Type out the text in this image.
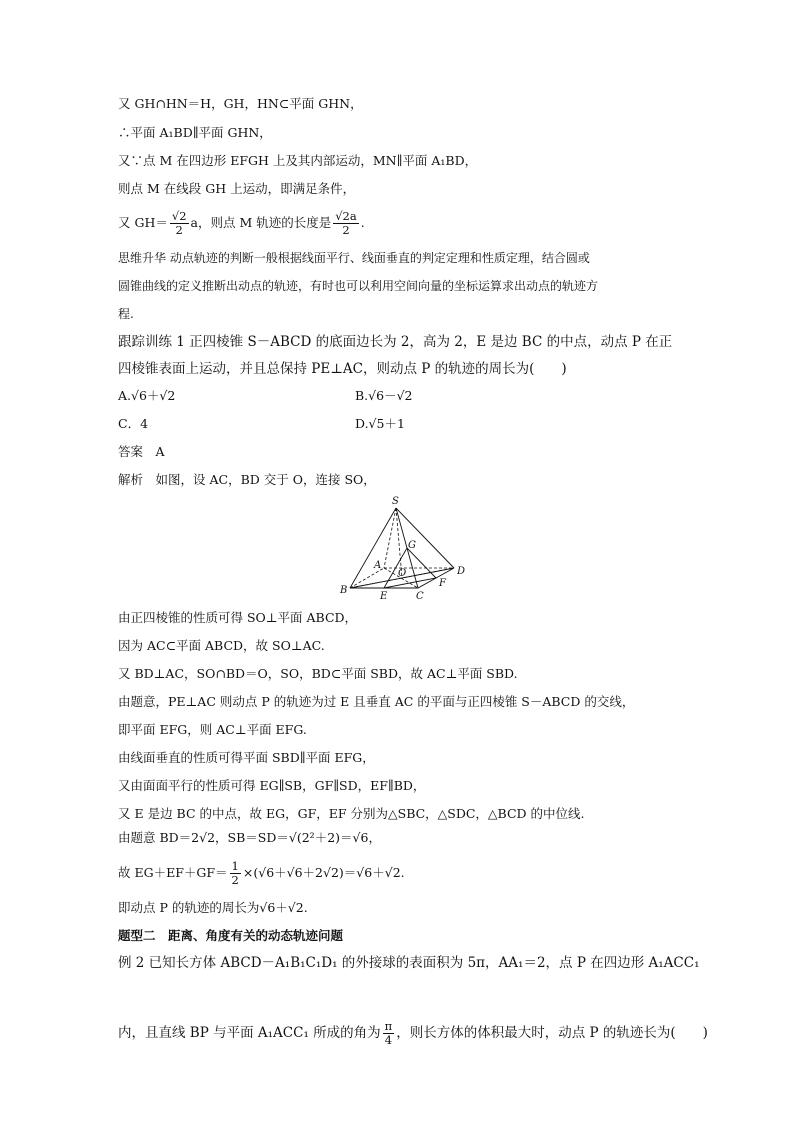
又 GH∩HN＝H，GH，HN⊂平面 GHN，
∴平面 A₁BD∥平面 GHN，
又∵点 M 在四边形 EFGH 上及其内部运动，MN∥平面 A₁BD，
则点 M 在线段 GH 上运动，即满足条件，
又 $GH= \frac{√2}{2}$ a，则点 M 轨迹的长度是 $\frac{√2a}{2}$ .
思维升华 动点轨迹的判断一般根据线面平行、线面垂直的判定定理和性质定理，结合圆或
圆锥曲线的定义推断出动点的轨迹，有时也可以利用空间向量的坐标运算求出动点的轨迹方
程.
跟踪训练 1 正四棱锥 S－ABCD 的底面边长为 2，高为 2，E 是边 BC 的中点，动点 P 在正
四棱锥表面上运动，并且总保持 PE⊥AC，则动点 P 的轨迹的周长为(　　)
A.√6＋√2	B.√6－√2
C．4	D.√5＋1
答案　A
解析　如图，设 AC，BD 交于 O，连接 SO，
S
G
A
O	D
F
B
E	C
由正四棱锥的性质可得 SO⊥平面 ABCD，
因为 AC⊂平面 ABCD，故 SO⊥AC.
又 BD⊥AC，SO∩BD＝O，SO，BD⊂平面 SBD，故 AC⊥平面 SBD.
由题意，PE⊥AC 则动点 P 的轨迹为过 E 且垂直 AC 的平面与正四棱锥 S－ABCD 的交线，
即平面 EFG，则 AC⊥平面 EFG.
由线面垂直的性质可得平面 SBD∥平面 EFG，
又由面面平行的性质可得 EG∥SB，GF∥SD，EF∥BD，
又 E 是边 BC 的中点，故 EG，GF，EF 分别为△SBC，△SDC，△BCD 的中位线.
由题意 BD＝2√2，SB＝SD＝√(2²＋2)＝√6，
故 $EG+EF+GF= \frac{1}{2} \times(√6+√6+2√2)=√6+√2$.
即动点 P 的轨迹的周长为√6＋√2.
题型二　距离、角度有关的动态轨迹问题
例 2 已知长方体 ABCD－A₁B₁C₁D₁ 的外接球的表面积为 5π，AA₁＝2，点 P 在四边形 A₁ACC₁
内，且直线 BP 与平面 A₁ACC₁ 所成的角为 $\frac{\pi}{4}$ ，则长方体的体积最大时，动点 P 的轨迹长为(　　)
